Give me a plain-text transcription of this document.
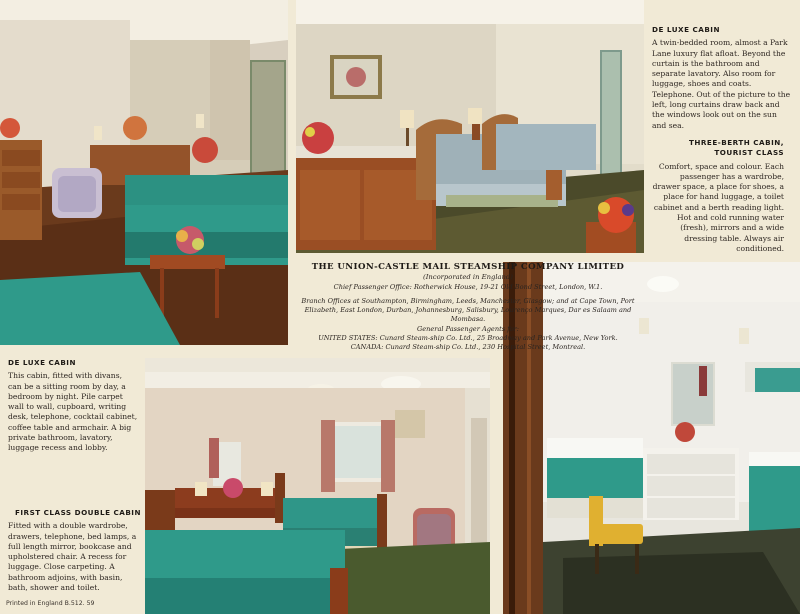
DE LUXE CABIN
A twin-bedded room, almost a Park Lane luxury flat afloat. Beyond the curtain is the bathroom and separate lavatory. Also room for luggage, shoes and coats. Telephone. Out of the picture to the left, long curtains draw back and the windows look out on the sun and sea.
THREE-BERTH CABIN,
TOURIST CLASS
Comfort, space and colour. Each passenger has a wardrobe, drawer space, a place for shoes, a place for hand luggage, a toilet cabinet and a berth reading light. Hot and cold running water (fresh), mirrors and a wide dressing table. Always air conditioned.
THE UNION-CASTLE MAIL STEAMSHIP COMPANY LIMITED
(Incorporated in England)
Chief Passenger Office: Rotherwick House, 19-21 Old Bond Street, London, W.1.
Branch Offices at Southampton, Birmingham, Leeds, Manchester, Glasgow; and at Cape Town, Port Elizabeth, East London, Durban, Johannesburg, Salisbury, Lourenço Marques, Dar es Salaam and Mombasa.
General Passenger Agents for:
UNITED STATES: Cunard Steam-ship Co. Ltd., 25 Broadway and Park Avenue, New York.
CANADA: Cunard Steam-ship Co. Ltd., 230 Hospital Street, Montreal.
DE LUXE CABIN
This cabin, fitted with divans, can be a sitting room by day, a bedroom by night. Pile carpet wall to wall, cupboard, writing desk, telephone, cocktail cabinet, coffee table and armchair. A big private bathroom, lavatory, luggage recess and lobby.
FIRST CLASS DOUBLE CABIN
Fitted with a double wardrobe, drawers, telephone, bed lamps, a full length mirror, bookcase and upholstered chair. A recess for luggage. Close carpeting. A bathroom adjoins, with basin, bath, shower and toilet.
Printed in England B.512. 59
